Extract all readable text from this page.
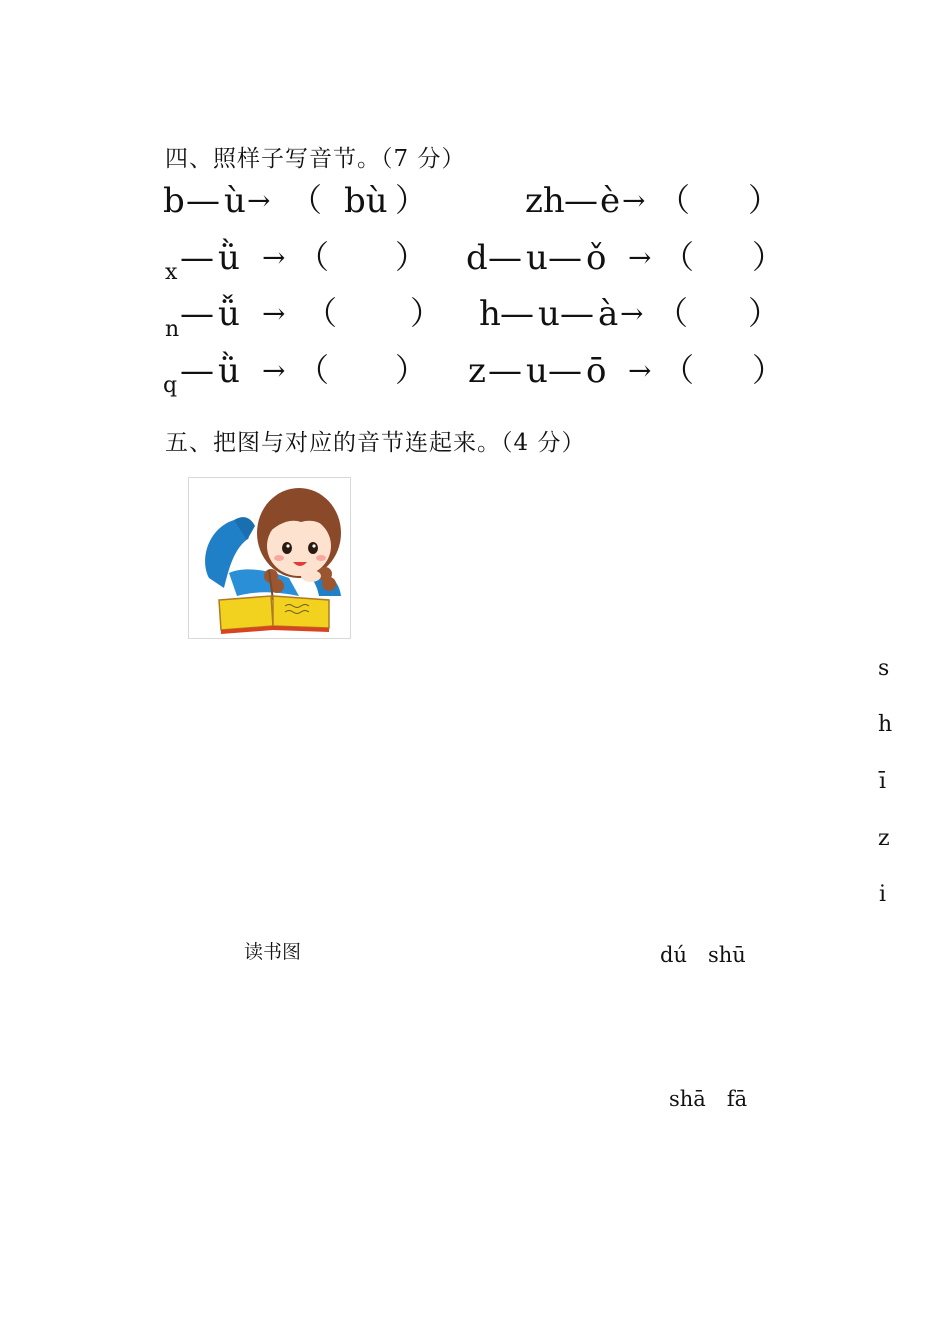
四、照样子写音节。（7 分）
b — ù → （ bù ）	zh — è → （ ）
x — ǜ → （ ） d — u — ǒ → （ ）
n — ǚ → （ ） h — u — à → （ ）
q — ǜ → （ ） z — u — ō → （ ）
五、把图与对应的音节连起来。（4 分）
s
h
ī
z
i
读书图	dú　shū
shā　fā
